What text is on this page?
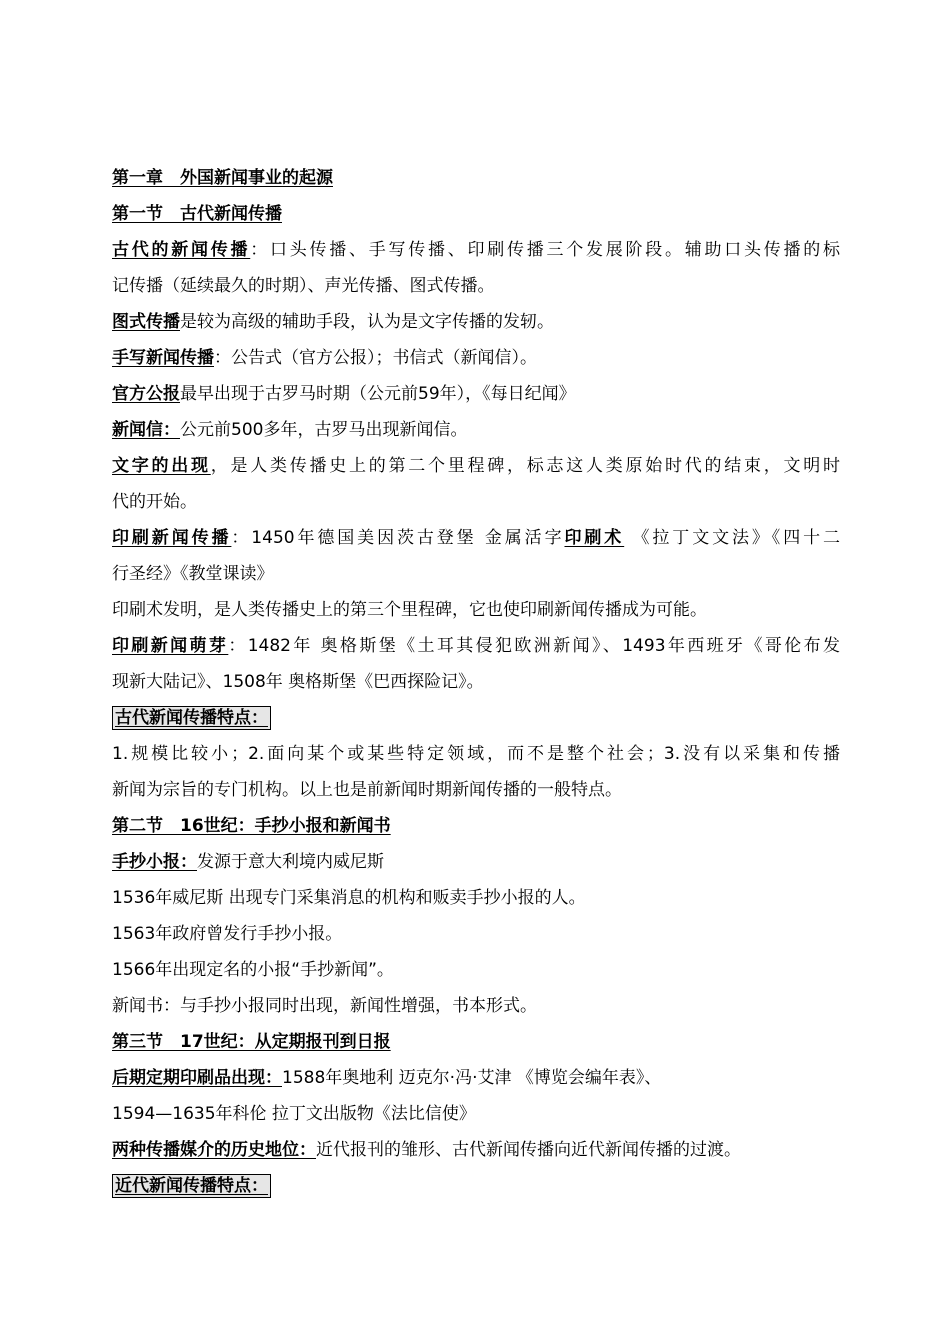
第一章　外国新闻事业的起源
第一节　古代新闻传播
古代的新闻传播：口头传播、手写传播、印刷传播三个发展阶段。辅助口头传播的标
记传播（延续最久的时期）、声光传播、图式传播。
图式传播是较为高级的辅助手段，认为是文字传播的发轫。
手写新闻传播：公告式（官方公报）；书信式（新闻信）。
官方公报最早出现于古罗马时期（公元前59年），《每日纪闻》
新闻信：公元前500多年，古罗马出现新闻信。
文字的出现，是人类传播史上的第二个里程碑，标志这人类原始时代的结束，文明时
代的开始。
印刷新闻传播：1450年德国美因茨古登堡 金属活字印刷术 《拉丁文文法》《四十二
行圣经》《教堂课读》
印刷术发明，是人类传播史上的第三个里程碑，它也使印刷新闻传播成为可能。
印刷新闻萌芽：1482年 奥格斯堡《土耳其侵犯欧洲新闻》、1493年西班牙《哥伦布发
现新大陆记》、1508年 奥格斯堡《巴西探险记》。
古代新闻传播特点：
1.规模比较小；2.面向某个或某些特定领域，而不是整个社会；3.没有以采集和传播
新闻为宗旨的专门机构。以上也是前新闻时期新闻传播的一般特点。
第二节　16世纪：手抄小报和新闻书
手抄小报：发源于意大利境内威尼斯
1536年威尼斯 出现专门采集消息的机构和贩卖手抄小报的人。
1563年政府曾发行手抄小报。
1566年出现定名的小报“手抄新闻”。
新闻书：与手抄小报同时出现，新闻性增强，书本形式。
第三节　17世纪：从定期报刊到日报
后期定期印刷品出现：1588年奥地利 迈克尔·冯·艾津 《博览会编年表》、
1594—1635年科伦 拉丁文出版物《法比信使》
两种传播媒介的历史地位：近代报刊的雏形、古代新闻传播向近代新闻传播的过渡。
近代新闻传播特点：
